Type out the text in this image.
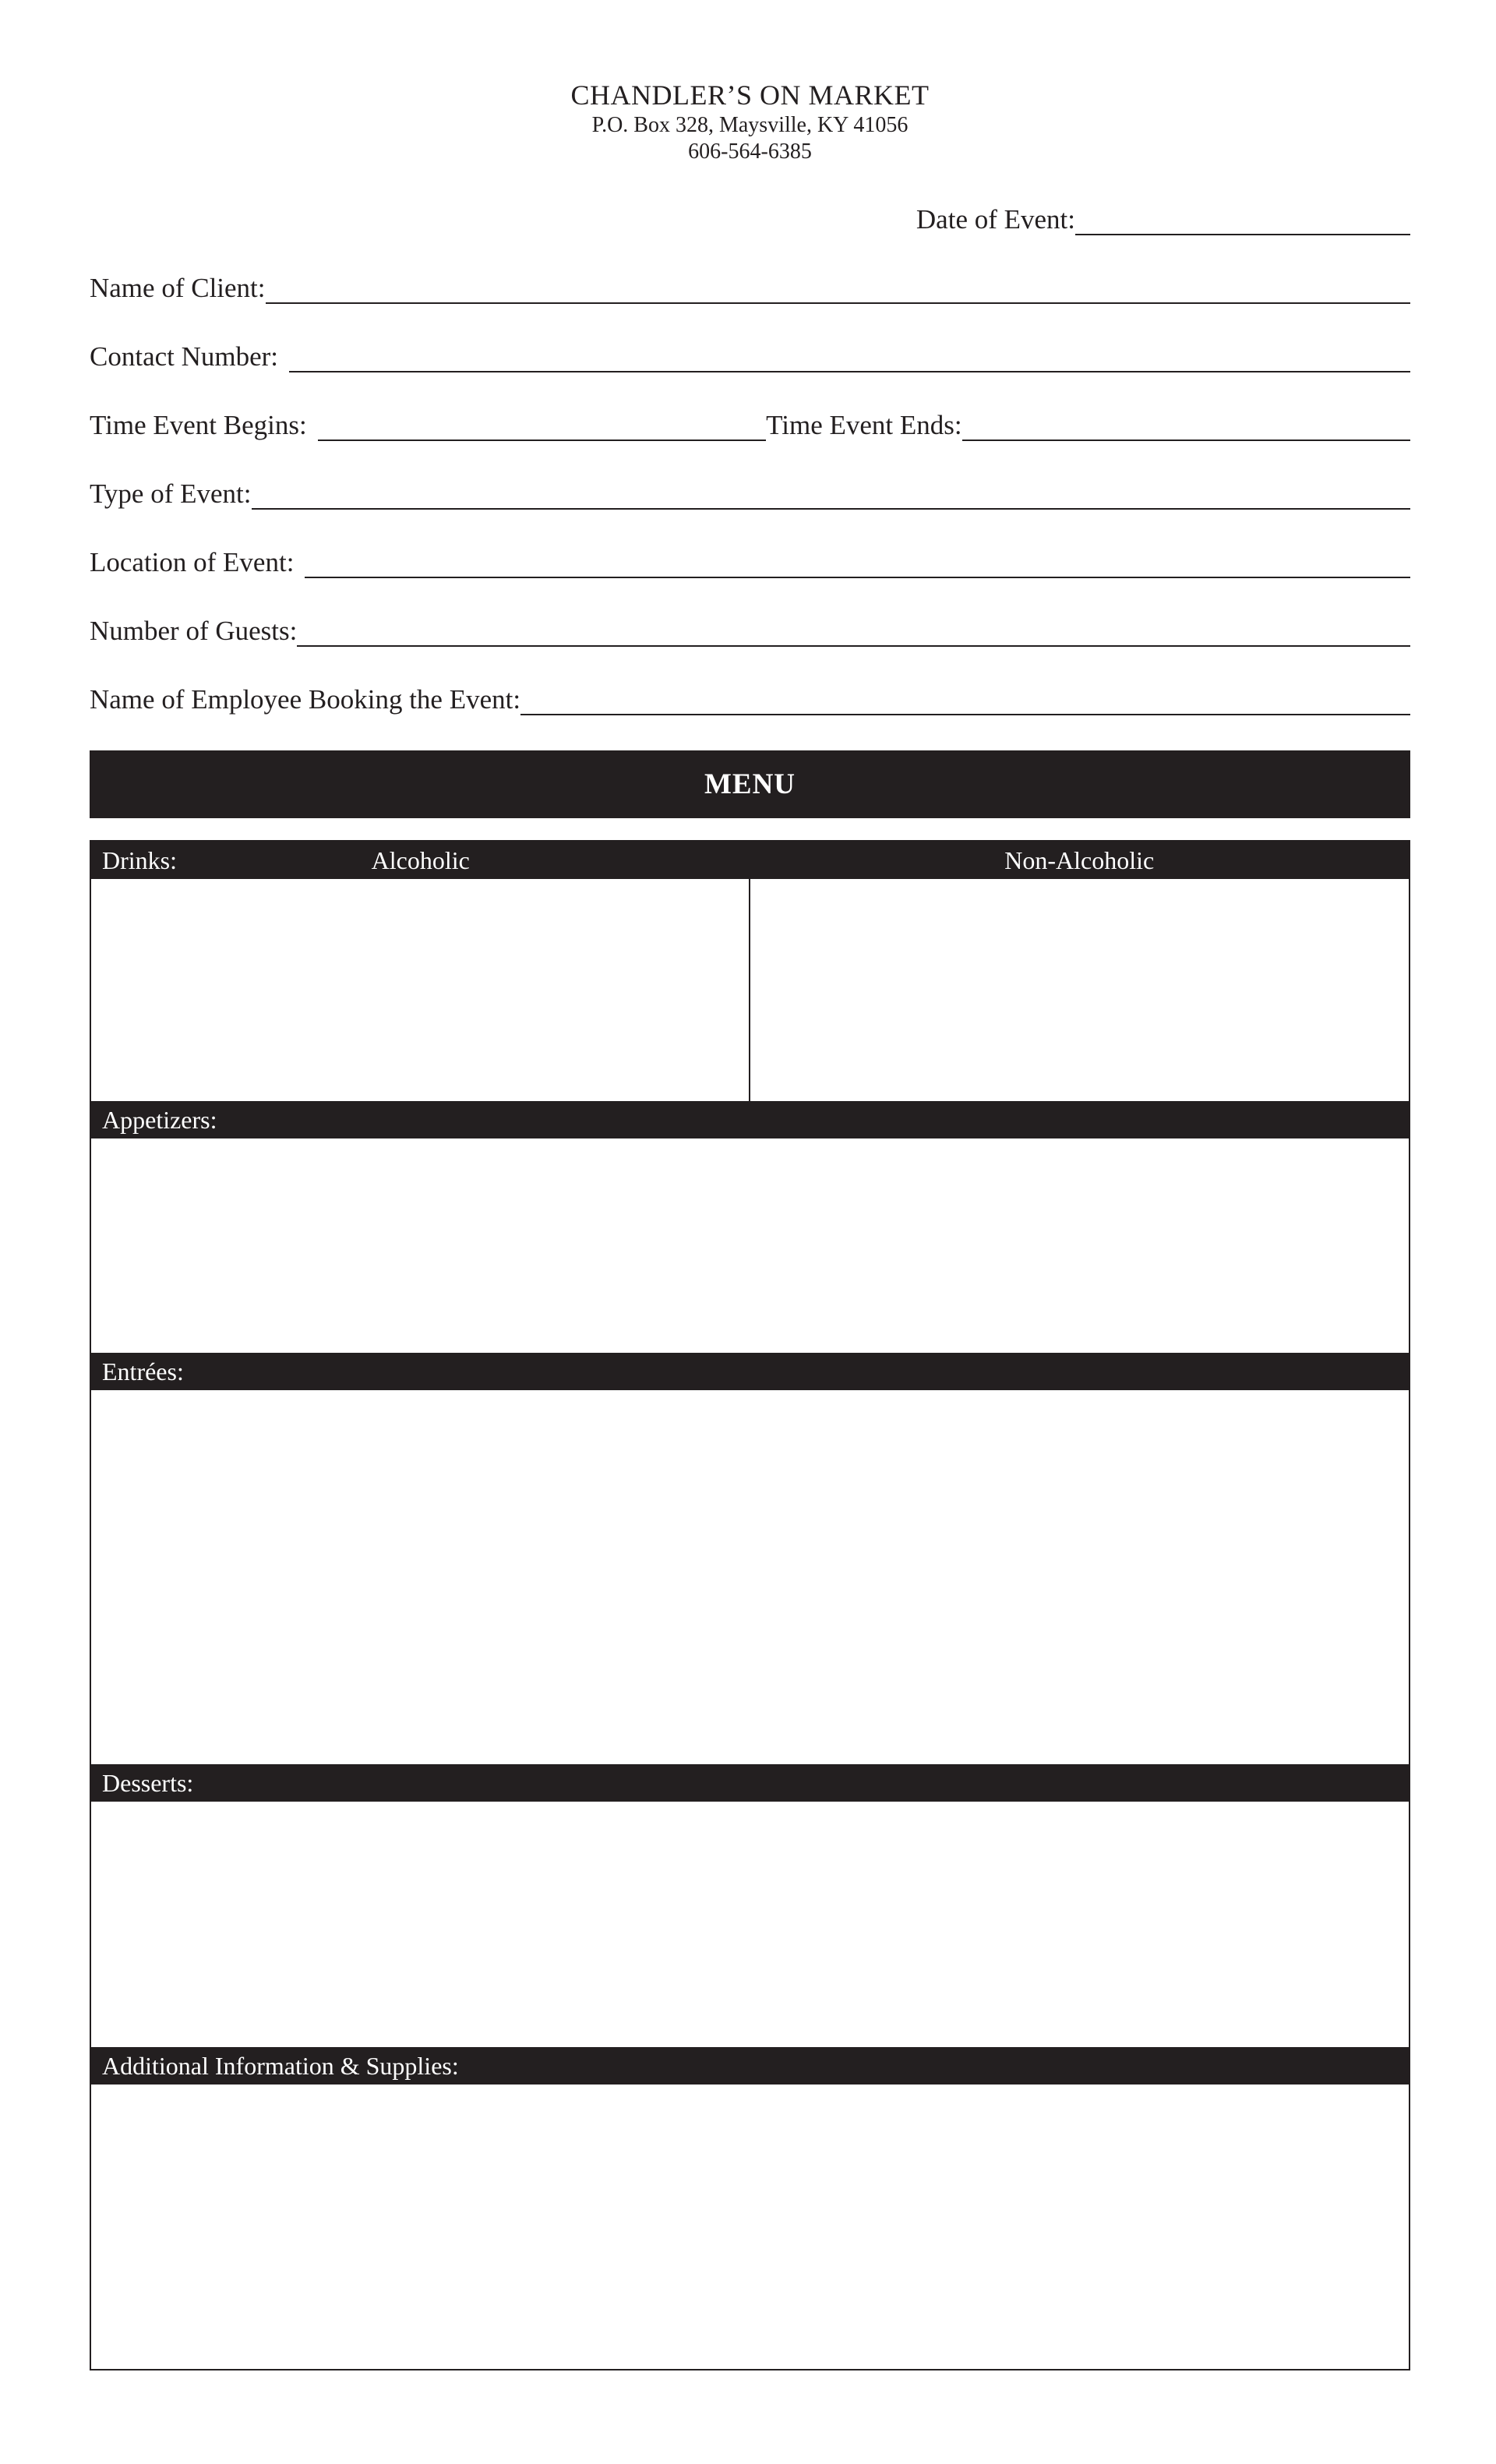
CHANDLER’S ON MARKET
P.O. Box 328, Maysville, KY 41056
606-564-6385
Date of Event:
Name of Client:
Contact Number:
Time Event Begins:	Time Event Ends:
Type of Event:
Location of Event:
Number of Guests:
Name of Employee Booking the Event:
MENU
Drinks:	Alcoholic	Non-Alcoholic
Appetizers:
Entrées:
Desserts:
Additional Information & Supplies:
